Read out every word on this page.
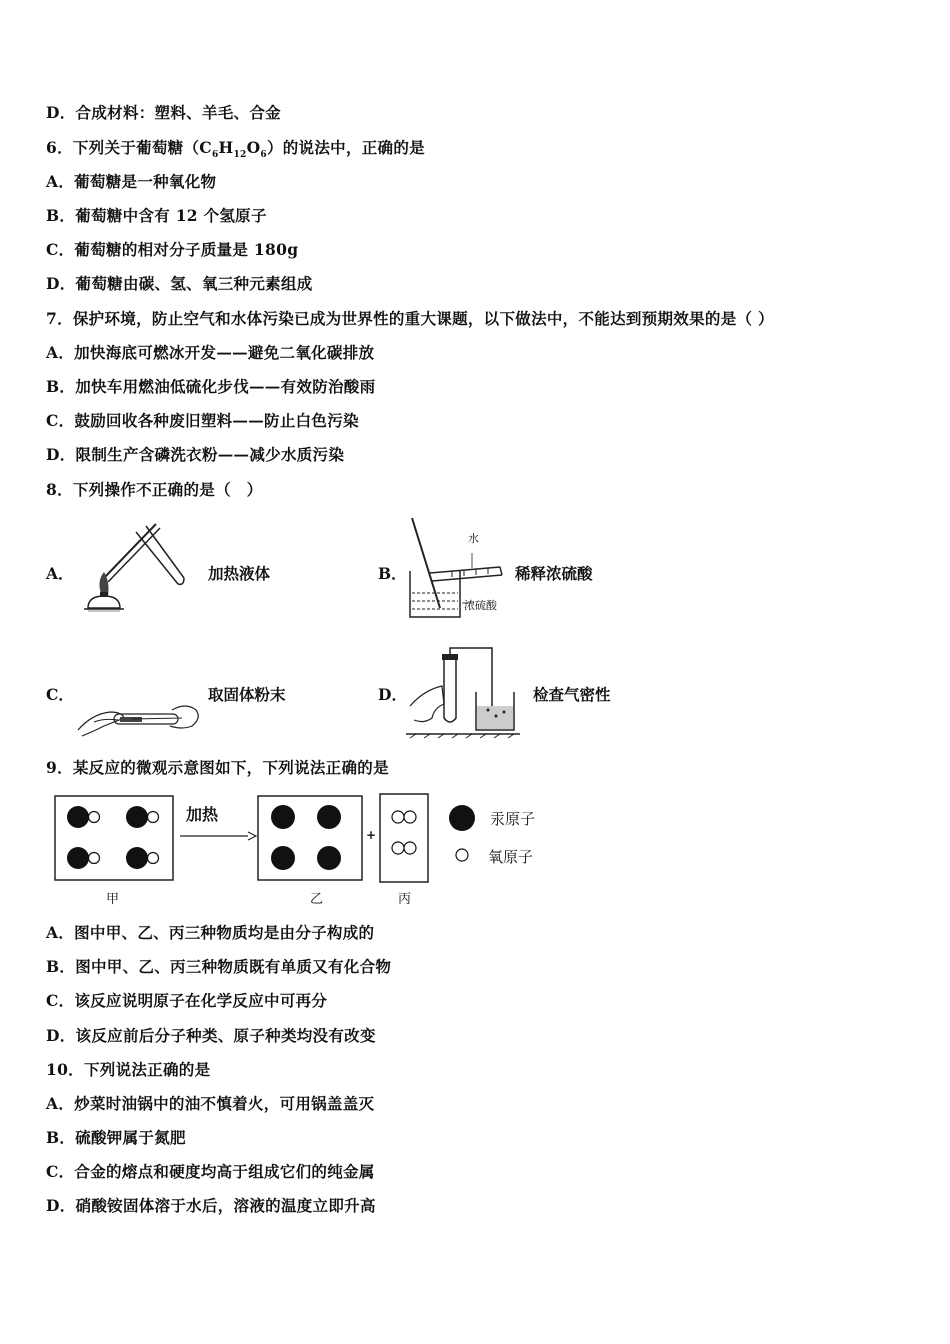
D．合成材料：塑料、羊毛、合金
6．下列关于葡萄糖$(C_6H_{12}O_6)$的说法中，正确的是
A．葡萄糖是一种氧化物
B．葡萄糖中含有 12 个氢原子
C．葡萄糖的相对分子质量是 180g
D．葡萄糖由碳、氢、氧三种元素组成
7．保护环境，防止空气和水体污染已成为世界性的重大课题，以下做法中，不能达到预期效果的是（ ）
A．加快海底可燃冰开发——避免二氧化碳排放
B．加快车用燃油低硫化步伐——有效防治酸雨
C．鼓励回收各种废旧塑料——防止白色污染
D．限制生产含磷洗衣粉——减少水质污染
8．下列操作不正确的是（　）
A．	加热液体	B．
水
浓硫酸
稀释浓硫酸
C．	取固体粉末	D．	检查气密性
9．某反应的微观示意图如下，下列说法正确的是
加热
+
汞原子
氧原子
甲	乙	丙
A．图中甲、乙、丙三种物质均是由分子构成的
B．图中甲、乙、丙三种物质既有单质又有化合物
C．该反应说明原子在化学反应中可再分
D．该反应前后分子种类、原子种类均没有改变
10．下列说法正确的是
A．炒菜时油锅中的油不慎着火，可用锅盖盖灭
B．硫酸钾属于氮肥
C．合金的熔点和硬度均高于组成它们的纯金属
D．硝酸铵固体溶于水后，溶液的温度立即升高
